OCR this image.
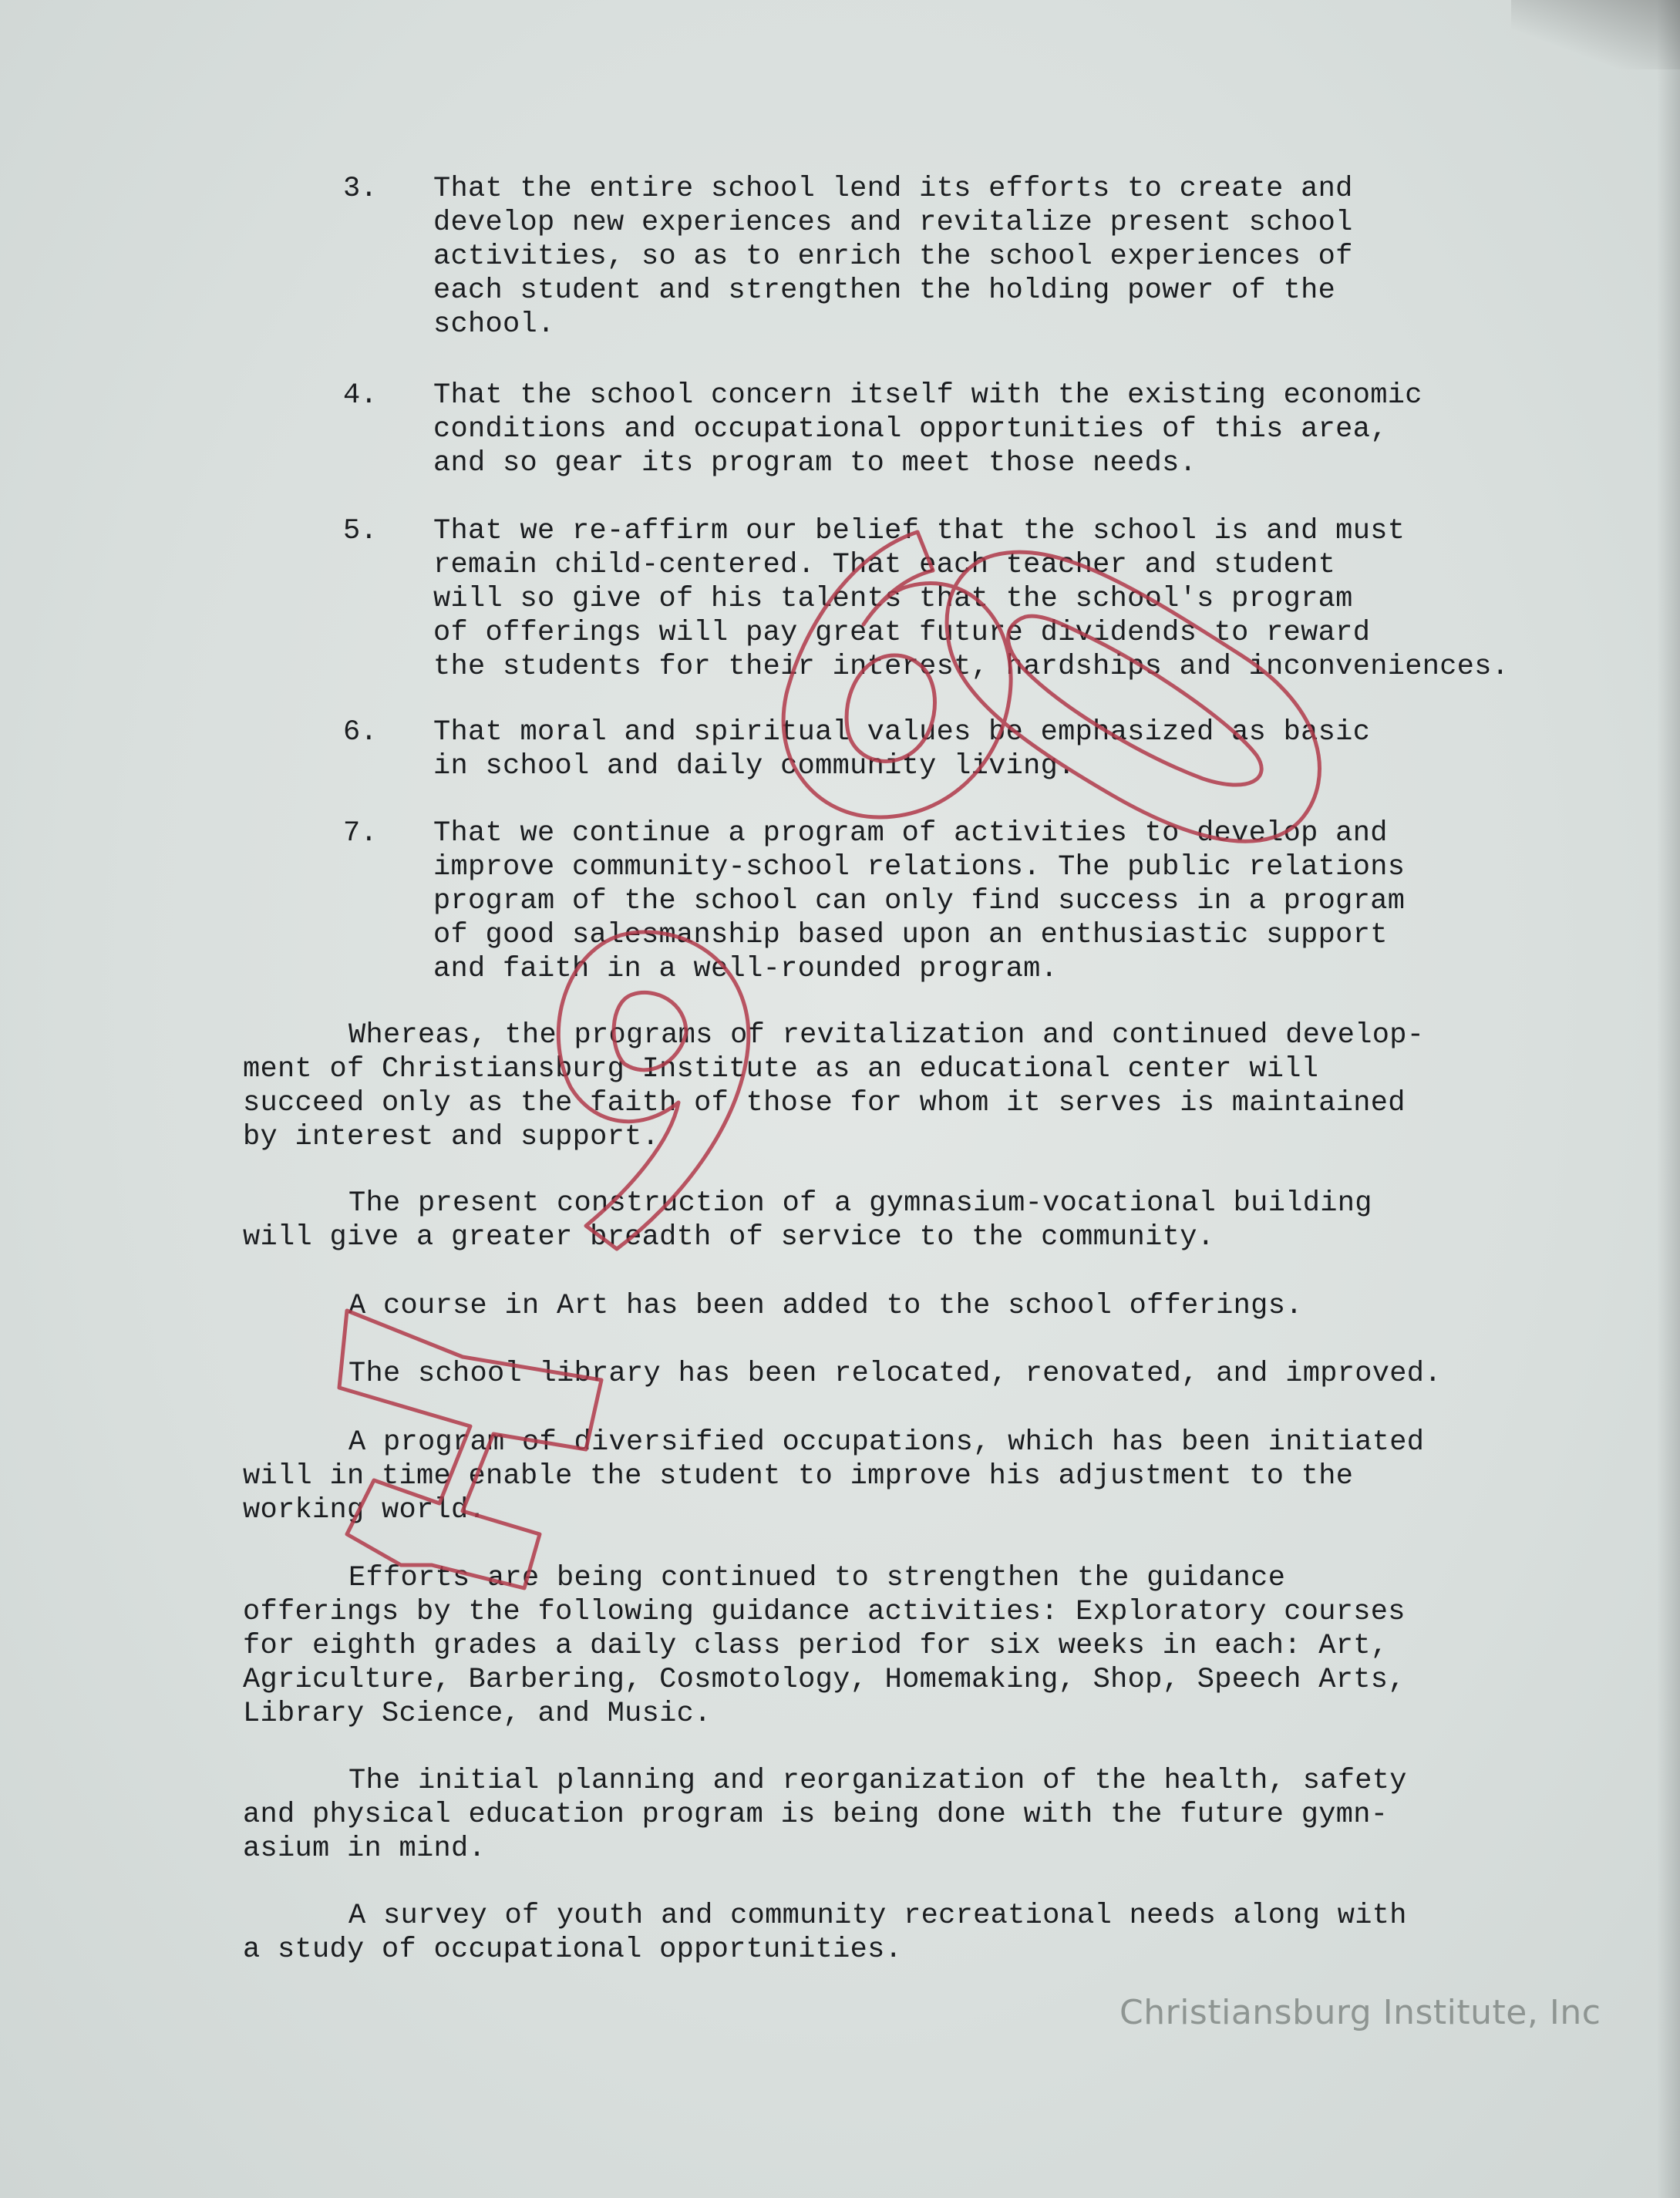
3. That the entire school lend its efforts to create and
develop new experiences and revitalize present school
activities, so as to enrich the school experiences of
each student and strengthen the holding power of the
school.
4. That the school concern itself with the existing economic
conditions and occupational opportunities of this area,
and so gear its program to meet those needs.
5. That we re-affirm our belief that the school is and must
remain child-centered. That each teacher and student
will so give of his talents that the school's program
of offerings will pay great future dividends to reward
the students for their interest, hardships and inconveniences.
6. That moral and spiritual values be emphasized as basic
in school and daily community living.
7. That we continue a program of activities to develop and
improve community-school relations. The public relations
program of the school can only find success in a program
of good salesmanship based upon an enthusiastic support
and faith in a well-rounded program.
Whereas, the programs of revitalization and continued develop-
ment of Christiansburg Institute as an educational center will
succeed only as the faith of those for whom it serves is maintained
by interest and support.
The present construction of a gymnasium-vocational building
will give a greater breadth of service to the community.
A course in Art has been added to the school offerings.
The school library has been relocated, renovated, and improved.
A program of diversified occupations, which has been initiated
will in time enable the student to improve his adjustment to the
working world.
Efforts are being continued to strengthen the guidance
offerings by the following guidance activities: Exploratory courses
for eighth grades a daily class period for six weeks in each: Art,
Agriculture, Barbering, Cosmotology, Homemaking, Shop, Speech Arts,
Library Science, and Music.
The initial planning and reorganization of the health, safety
and physical education program is being done with the future gymn-
asium in mind.
A survey of youth and community recreational needs along with
a study of occupational opportunities.
Christiansburg Institute, Inc
